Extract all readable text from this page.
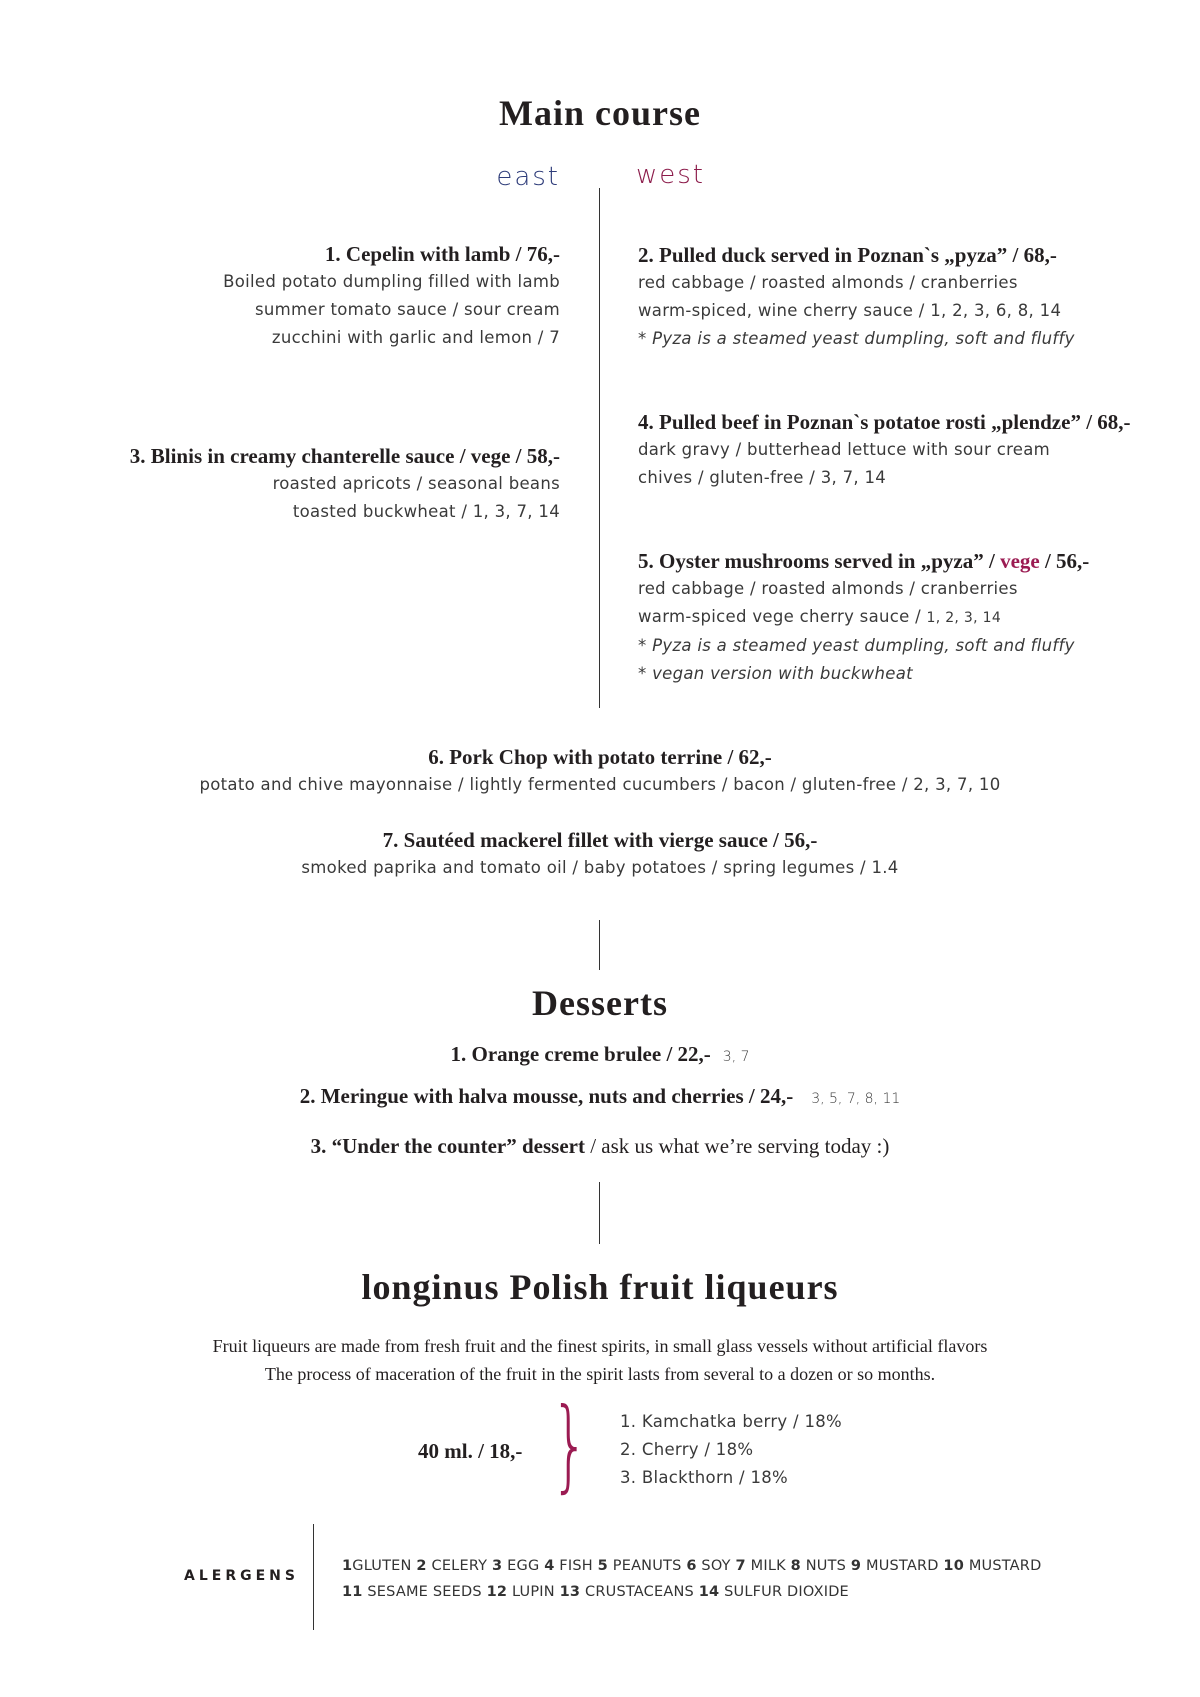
Main course
east	west
1. Cepelin with lamb / 76,-
Boiled potato dumpling filled with lamb
summer tomato sauce / sour cream
zucchini with garlic and lemon / 7
3. Blinis in creamy chanterelle sauce / vege / 58,-
roasted apricots / seasonal beans
toasted buckwheat / 1, 3, 7, 14
2. Pulled duck served in Poznan`s „pyza” / 68,-
red cabbage / roasted almonds / cranberries
warm-spiced, wine cherry sauce / 1, 2, 3, 6, 8, 14
* Pyza is a steamed yeast dumpling, soft and fluffy
4. Pulled beef in Poznan`s potatoe rosti „plendze” / 68,-
dark gravy / butterhead lettuce with sour cream
chives / gluten-free / 3, 7, 14
5. Oyster mushrooms served in „pyza” / vege / 56,-
red cabbage / roasted almonds / cranberries
warm-spiced vege cherry sauce / 1, 2, 3, 14
* Pyza is a steamed yeast dumpling, soft and fluffy
* vegan version with buckwheat
6. Pork Chop with potato terrine / 62,-
potato and chive mayonnaise / lightly fermented cucumbers / bacon / gluten-free / 2, 3, 7, 10
7. Sautéed mackerel fillet with vierge sauce / 56,-
smoked paprika and tomato oil / baby potatoes / spring legumes / 1.4
Desserts
1. Orange creme brulee / 22,- 3, 7
2. Meringue with halva mousse, nuts and cherries / 24,- 3, 5, 7, 8, 11
3. “Under the counter” dessert / ask us what we’re serving today :)
longinus Polish fruit liqueurs
Fruit liqueurs are made from fresh fruit and the finest spirits, in small glass vessels without artificial flavors
The process of maceration of the fruit in the spirit lasts from several to a dozen or so months.
40 ml. / 18,- } 1. Kamchatka berry / 18%
2. Cherry / 18%
3. Blackthorn / 18%
ALERGENS
1GLUTEN 2 CELERY 3 EGG 4 FISH 5 PEANUTS 6 SOY 7 MILK 8 NUTS 9 MUSTARD 10 MUSTARD
11 SESAME SEEDS 12 LUPIN 13 CRUSTACEANS 14 SULFUR DIOXIDE
